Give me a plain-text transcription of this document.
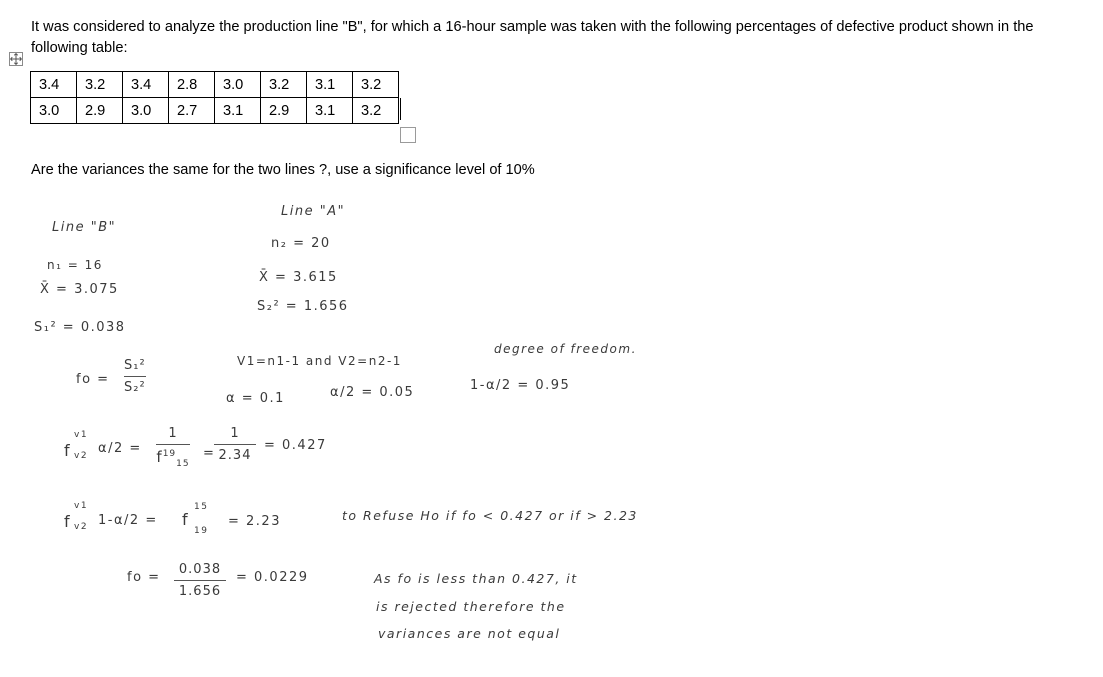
It was considered to analyze the production line "B", for which a 16-hour sample was taken with the following percentages of defective product shown in the following table:

3.4	3.2	3.4	2.8	3.0	3.2	3.1	3.2
3.0	2.9	3.0	2.7	3.1	2.9	3.1	3.2

Are the variances the same for the two lines ?, use a significance level of 10%

Line "B"
n₁ = 16
X̄ = 3.075
S₁² = 0.038
Line "A"
n₂ = 20
X̄ = 3.615
S₂² = 1.656
fo =
S₁²
S₂²
V1=n1-1 and V2=n2-1
degree of freedom.
α = 0.1	α/2 = 0.05	1-α/2 = 0.95
f
v1
v2 α/2 =
1
$f^{19}_{15}$
=
1
2.34
= 0.427
f
v1
v2 1-α/2 = f
15
19
= 2.23	to Refuse Ho if fo < 0.427 or if > 2.23
fo =
0.038
1.656
= 0.0229	As fo is less than 0.427, it
is rejected therefore the
variances are not equal
